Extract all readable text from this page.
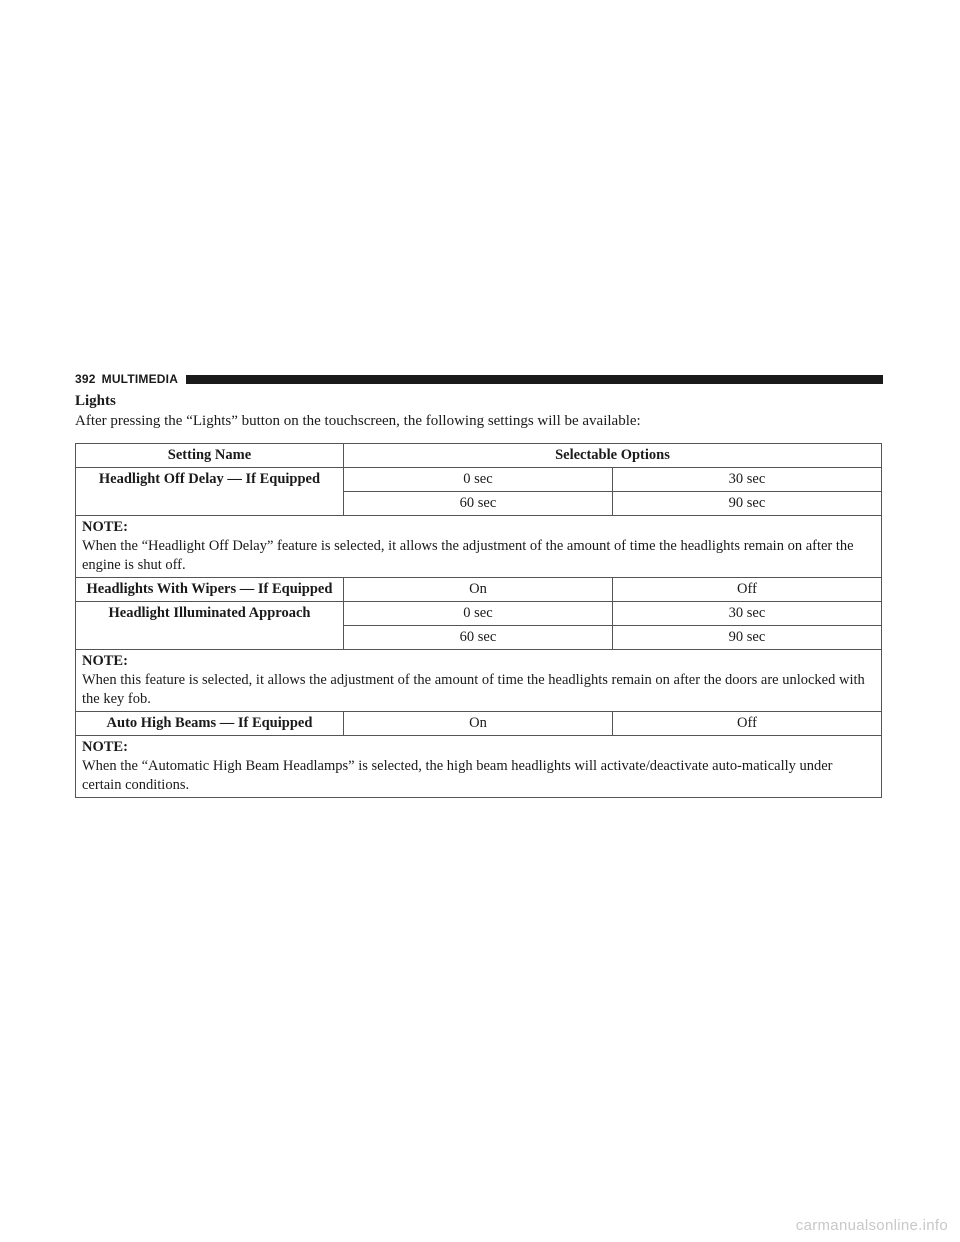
392 MULTIMEDIA
Lights
After pressing the “Lights” button on the touchscreen, the following settings will be available:
Setting Name	Selectable Options	
Headlight Off Delay — If Equipped	0 sec	30 sec
	60 sec	90 sec

NOTE:
When the “Headlight Off Delay” feature is selected, it allows the adjustment of the amount of time the headlights remain on after the engine is shut off.		

Headlights With Wipers — If Equipped	On	Off
Headlight Illuminated Approach	0 sec	30 sec
	60 sec	90 sec

NOTE:
When this feature is selected, it allows the adjustment of the amount of time the headlights remain on after the doors are unlocked with the key fob.		

Auto High Beams — If Equipped	On	Off

NOTE:
When the “Automatic High Beam Headlamps” is selected, the high beam headlights will activate/deactivate auto-matically under certain conditions.		
carmanualsonline.info
